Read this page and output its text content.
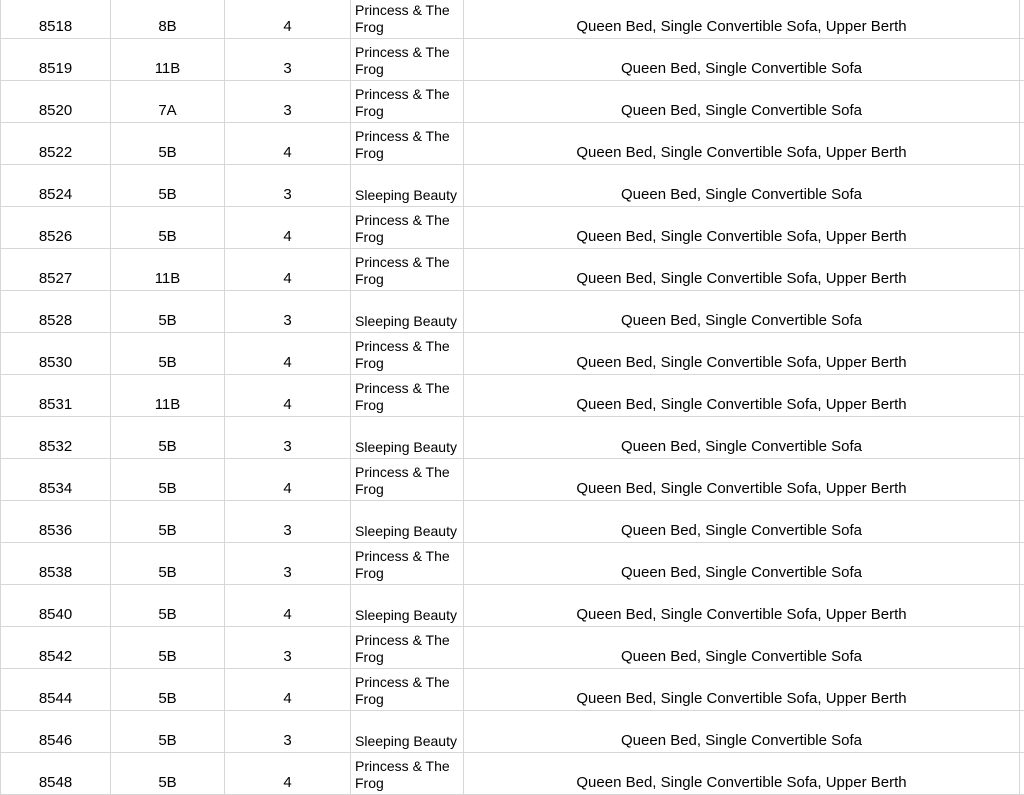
8518	8B	4	Princess & The Frog	Queen Bed, Single Convertible Sofa, Upper Berth	
8519	11B	3	Princess & The Frog	Queen Bed, Single Convertible Sofa	
8520	7A	3	Princess & The Frog	Queen Bed, Single Convertible Sofa	
8522	5B	4	Princess & The Frog	Queen Bed, Single Convertible Sofa, Upper Berth	
8524	5B	3	Sleeping Beauty	Queen Bed, Single Convertible Sofa	
8526	5B	4	Princess & The Frog	Queen Bed, Single Convertible Sofa, Upper Berth	
8527	11B	4	Princess & The Frog	Queen Bed, Single Convertible Sofa, Upper Berth	
8528	5B	3	Sleeping Beauty	Queen Bed, Single Convertible Sofa	
8530	5B	4	Princess & The Frog	Queen Bed, Single Convertible Sofa, Upper Berth	
8531	11B	4	Princess & The Frog	Queen Bed, Single Convertible Sofa, Upper Berth	
8532	5B	3	Sleeping Beauty	Queen Bed, Single Convertible Sofa	
8534	5B	4	Princess & The Frog	Queen Bed, Single Convertible Sofa, Upper Berth	
8536	5B	3	Sleeping Beauty	Queen Bed, Single Convertible Sofa	
8538	5B	3	Princess & The Frog	Queen Bed, Single Convertible Sofa	
8540	5B	4	Sleeping Beauty	Queen Bed, Single Convertible Sofa, Upper Berth	
8542	5B	3	Princess & The Frog	Queen Bed, Single Convertible Sofa	
8544	5B	4	Princess & The Frog	Queen Bed, Single Convertible Sofa, Upper Berth	
8546	5B	3	Sleeping Beauty	Queen Bed, Single Convertible Sofa	
8548	5B	4	Princess & The Frog	Queen Bed, Single Convertible Sofa, Upper Berth	
